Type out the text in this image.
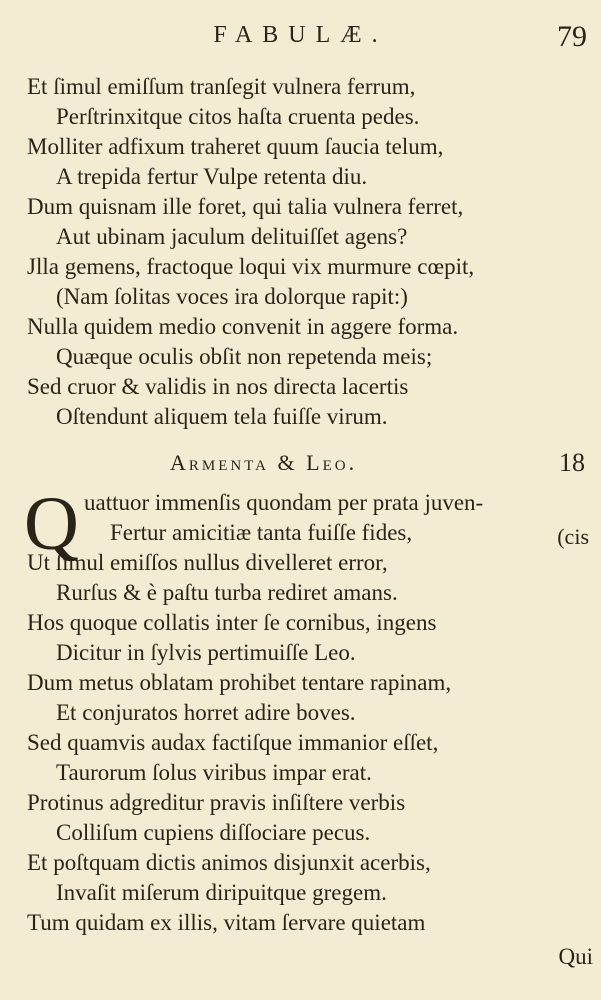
FABULÆ.	79
Et ſimul emiſſum tranſegit vulnera ferrum,
Perſtrinxitque citos haſta cruenta pedes.
Molliter adfixum traheret quum ſaucia telum,
A trepida fertur Vulpe retenta diu.
Dum quisnam ille foret, qui talia vulnera ferret,
Aut ubinam jaculum delituiſſet agens?
Jlla gemens, fractoque loqui vix murmure cœpit,
(Nam ſolitas voces ira dolorque rapit:)
Nulla quidem medio convenit in aggere forma.
Quæque oculis obſit non repetenda meis;
Sed cruor & validis in nos directa lacertis
Oſtendunt aliquem tela fuiſſe virum.
Armenta & Leo.	18
Q	(cis
uattuor immenſis quondam per prata juven-
Fertur amicitiæ tanta fuiſſe fides,
Ut ſimul emiſſos nullus divelleret error,
Rurſus & è paſtu turba rediret amans.
Hos quoque collatis inter ſe cornibus, ingens
Dicitur in ſylvis pertimuiſſe Leo.
Dum metus oblatam prohibet tentare rapinam,
Et conjuratos horret adire boves.
Sed quamvis audax factiſque immanior eſſet,
Taurorum ſolus viribus impar erat.
Protinus adgreditur pravis inſiſtere verbis
Colliſum cupiens diſſociare pecus.
Et poſtquam dictis animos disjunxit acerbis,
Invaſit miſerum diripuitque gregem.
Tum quidam ex illis, vitam ſervare quietam
Qui
